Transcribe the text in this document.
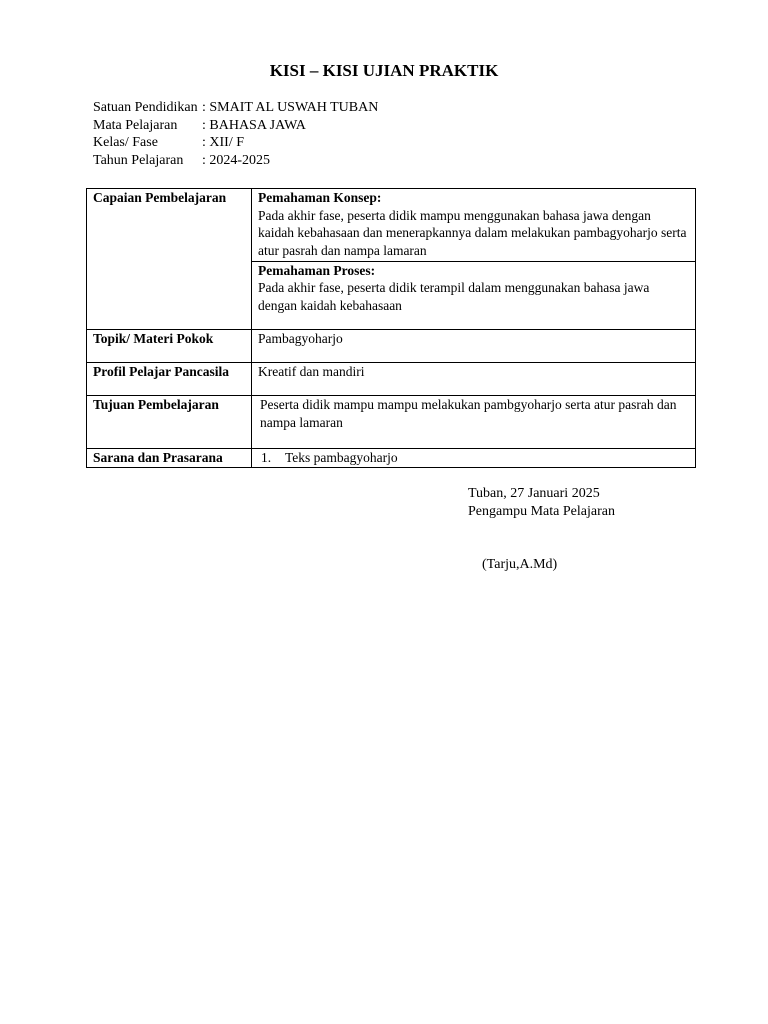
KISI – KISI UJIAN PRAKTIK
Satuan Pendidikan : SMAIT AL USWAH TUBAN
Mata Pelajaran	: BAHASA JAWA
Kelas/ Fase	: XII/ F
Tahun Pelajaran	: 2024-2025
Capaian Pembelajaran	Pemahaman Konsep:
Pada akhir fase, peserta didik mampu menggunakan bahasa jawa dengan kaidah kebahasaan dan menerapkannya dalam melakukan pambagyoharjo serta atur pasrah dan nampa lamaran

	Pemahaman Proses:
Pada akhir fase, peserta didik terampil dalam menggunakan bahasa jawa dengan kaidah kebahasaan

Topik/ Materi Pokok	Pambagyoharjo
Profil Pelajar Pancasila	Kreatif dan mandiri
Tujuan Pembelajaran	Peserta didik mampu mampu melakukan pambgyoharjo serta atur pasrah dan nampa lamaran
Sarana dan Prasarana	1. Teks pambagyoharjo
Tuban, 27 Januari 2025
Pengampu Mata Pelajaran
(Tarju,A.Md)
